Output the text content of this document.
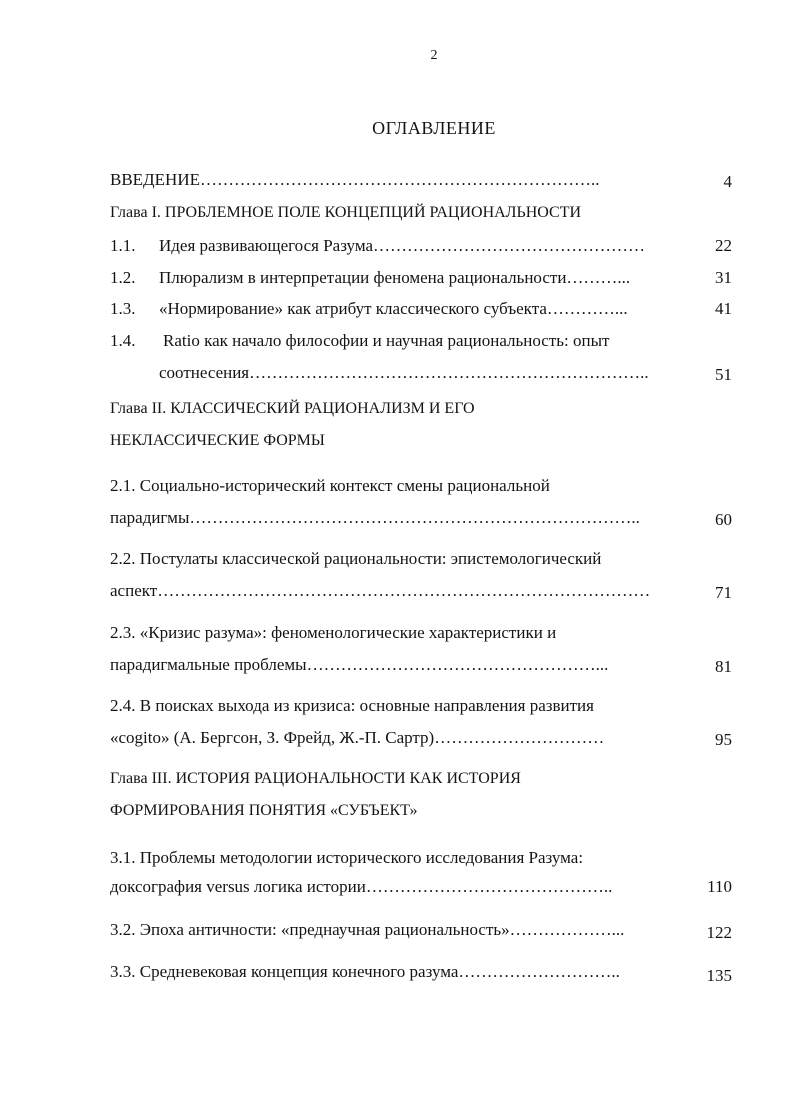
2
ОГЛАВЛЕНИЕ
ВВЕДЕНИЕ……………………………………………………………..	4
Глава I. ПРОБЛЕМНОЕ ПОЛЕ КОНЦЕПЦИЙ РАЦИОНАЛЬНОСТИ
1.1. Идея развивающегося Разума…………………………………………	22
1.2. Плюрализм в интерпретации феномена рациональности………...	31
1.3. «Нормирование» как атрибут классического субъекта…………...	41
1.4. Ratio как начало философии и научная рациональность: опыт
соотнесения……………………………………………………………..	51
Глава II. КЛАССИЧЕСКИЙ РАЦИОНАЛИЗМ И ЕГО
НЕКЛАССИЧЕСКИЕ ФОРМЫ
2.1. Социально-исторический контекст смены рациональной
парадигмы……………………………………………………………………..	60
2.2. Постулаты классической рациональности: эпистемологический
аспект……………………………………………………………………………	71
2.3. «Кризис разума»: феноменологические характеристики и
парадигмальные проблемы……………………………………………...	81
2.4. В поисках выхода из кризиса: основные направления развития
«cogito» (А. Бергсон, З. Фрейд, Ж.-П. Сартр)…………………………	95
Глава III. ИСТОРИЯ РАЦИОНАЛЬНОСТИ КАК ИСТОРИЯ
ФОРМИРОВАНИЯ ПОНЯТИЯ «СУБЪЕКТ»
3.1. Проблемы методологии исторического исследования Разума:
доксография versus логика истории……………………………………..	110
3.2. Эпоха античности: «преднаучная рациональность»………………...	122
3.3. Средневековая концепция конечного разума………………………..	135
